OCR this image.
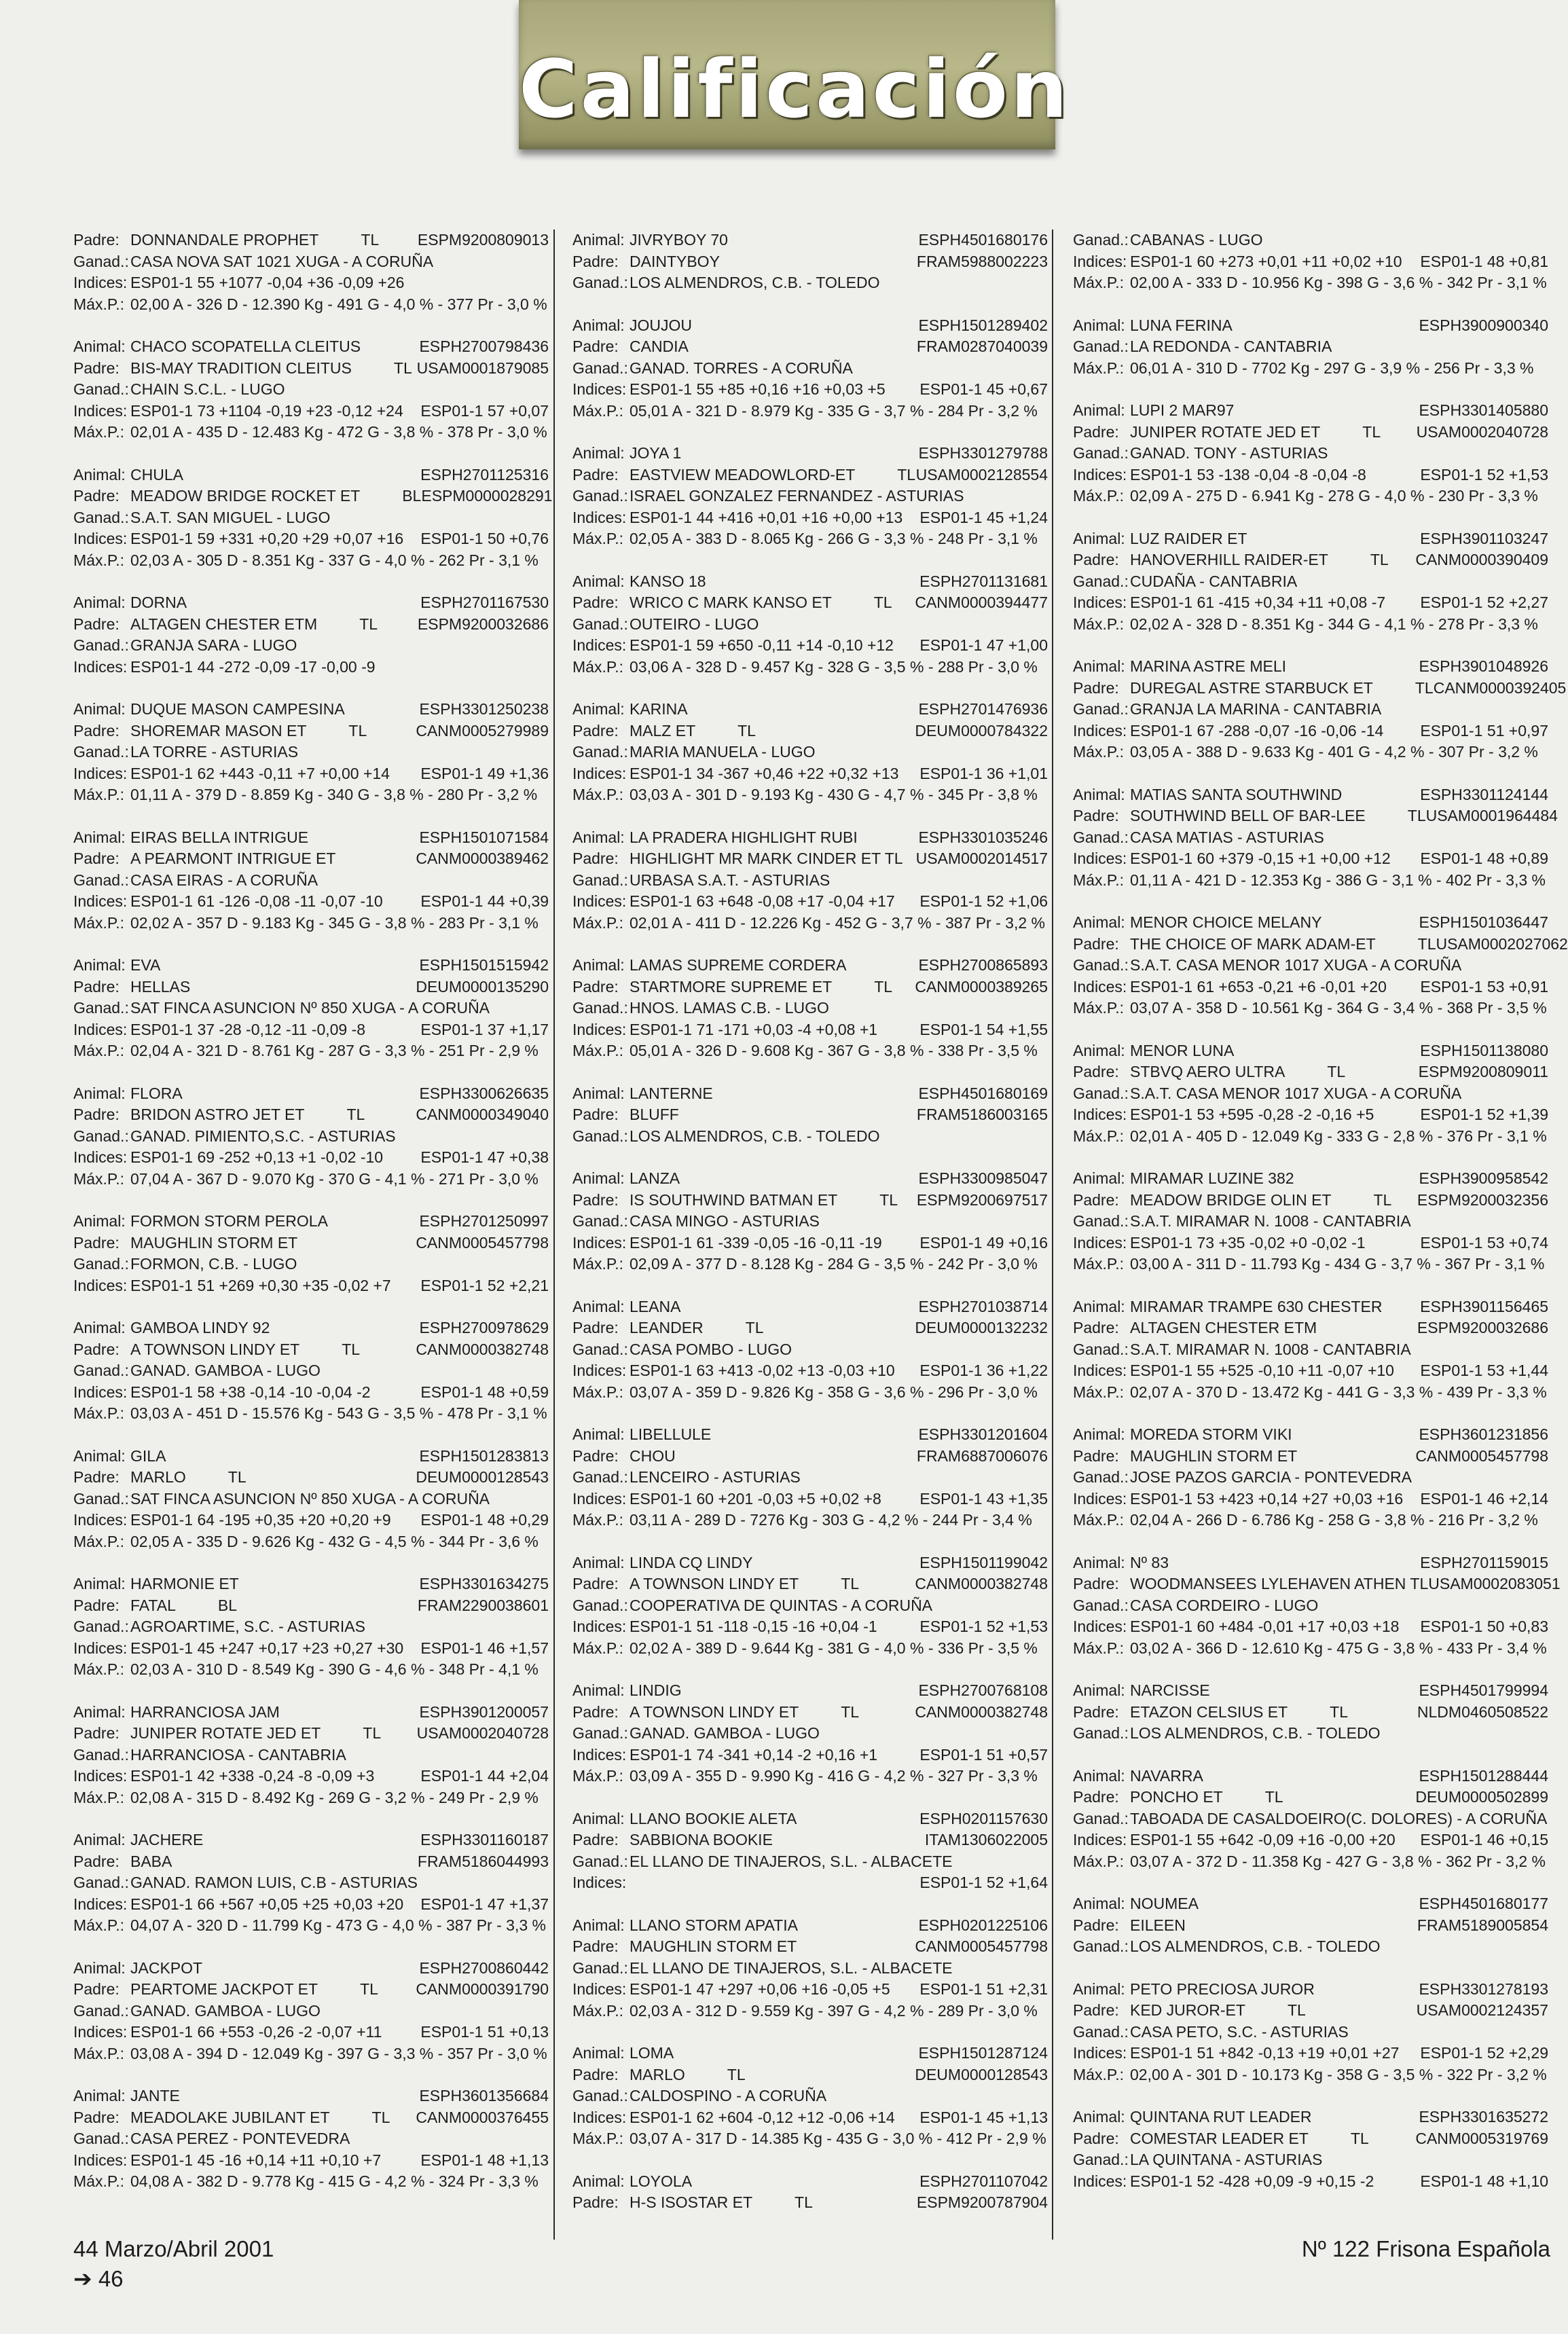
Calificación
Padre: DONNANDALE PROPHET	TL	ESPM9200809013
Ganad.: CASA NOVA SAT 1021 XUGA - A CORUÑA
Indices: ESP01-1 55 +1077 -0,04 +36 -0,09 +26
Máx.P.: 02,00 A - 326 D - 12.390 Kg - 491 G - 4,0 % - 377 Pr - 3,0 %
Animal: CHACO SCOPATELLA CLEITUS	ESPH2700798436
Padre: BIS-MAY TRADITION CLEITUS	TL USAM0001879085
Ganad.: CHAIN S.C.L. - LUGO
Indices: ESP01-1 73 +1104 -0,19 +23 -0,12 +24	ESP01-1 57 +0,07
Máx.P.: 02,01 A - 435 D - 12.483 Kg - 472 G - 3,8 % - 378 Pr - 3,0 %
Animal: CHULA	ESPH2701125316
Padre: MEADOW BRIDGE ROCKET ET	BL ESPM0000028291
Ganad.: S.A.T. SAN MIGUEL - LUGO
Indices: ESP01-1 59 +331 +0,20 +29 +0,07 +16	ESP01-1 50 +0,76
Máx.P.: 02,03 A - 305 D - 8.351 Kg - 337 G - 4,0 % - 262 Pr - 3,1 %
Animal: DORNA	ESPH2701167530
Padre: ALTAGEN CHESTER ETM	TL	ESPM9200032686
Ganad.: GRANJA SARA - LUGO
Indices: ESP01-1 44 -272 -0,09 -17 -0,00 -9
Animal: DUQUE MASON CAMPESINA	ESPH3301250238
Padre: SHOREMAR MASON ET	TL	CANM0005279989
Ganad.: LA TORRE - ASTURIAS
Indices: ESP01-1 62 +443 -0,11 +7 +0,00 +14	ESP01-1 49 +1,36
Máx.P.: 01,11 A - 379 D - 8.859 Kg - 340 G - 3,8 % - 280 Pr - 3,2 %
Animal: EIRAS BELLA INTRIGUE	ESPH1501071584
Padre: A PEARMONT INTRIGUE ET	CANM0000389462
Ganad.: CASA EIRAS - A CORUÑA
Indices: ESP01-1 61 -126 -0,08 -11 -0,07 -10	ESP01-1 44 +0,39
Máx.P.: 02,02 A - 357 D - 9.183 Kg - 345 G - 3,8 % - 283 Pr - 3,1 %
Animal: EVA	ESPH1501515942
Padre: HELLAS	DEUM0000135290
Ganad.: SAT FINCA ASUNCION Nº 850 XUGA - A CORUÑA
Indices: ESP01-1 37 -28 -0,12 -11 -0,09 -8	ESP01-1 37 +1,17
Máx.P.: 02,04 A - 321 D - 8.761 Kg - 287 G - 3,3 % - 251 Pr - 2,9 %
Animal: FLORA	ESPH3300626635
Padre: BRIDON ASTRO JET ET	TL	CANM0000349040
Ganad.: GANAD. PIMIENTO,S.C. - ASTURIAS
Indices: ESP01-1 69 -252 +0,13 +1 -0,02 -10	ESP01-1 47 +0,38
Máx.P.: 07,04 A - 367 D - 9.070 Kg - 370 G - 4,1 % - 271 Pr - 3,0 %
Animal: FORMON STORM PEROLA	ESPH2701250997
Padre: MAUGHLIN STORM ET	CANM0005457798
Ganad.: FORMON, C.B. - LUGO
Indices: ESP01-1 51 +269 +0,30 +35 -0,02 +7	ESP01-1 52 +2,21
Animal: GAMBOA LINDY 92	ESPH2700978629
Padre: A TOWNSON LINDY ET	TL	CANM0000382748
Ganad.: GANAD. GAMBOA - LUGO
Indices: ESP01-1 58 +38 -0,14 -10 -0,04 -2	ESP01-1 48 +0,59
Máx.P.: 03,03 A - 451 D - 15.576 Kg - 543 G - 3,5 % - 478 Pr - 3,1 %
Animal: GILA	ESPH1501283813
Padre: MARLO	TL	DEUM0000128543
Ganad.: SAT FINCA ASUNCION Nº 850 XUGA - A CORUÑA
Indices: ESP01-1 64 -195 +0,35 +20 +0,20 +9	ESP01-1 48 +0,29
Máx.P.: 02,05 A - 335 D - 9.626 Kg - 432 G - 4,5 % - 344 Pr - 3,6 %
Animal: HARMONIE ET	ESPH3301634275
Padre: FATAL	BL	FRAM2290038601
Ganad.: AGROARTIME, S.C. - ASTURIAS
Indices: ESP01-1 45 +247 +0,17 +23 +0,27 +30	ESP01-1 46 +1,57
Máx.P.: 02,03 A - 310 D - 8.549 Kg - 390 G - 4,6 % - 348 Pr - 4,1 %
Animal: HARRANCIOSA JAM	ESPH3901200057
Padre: JUNIPER ROTATE JED ET	TL	USAM0002040728
Ganad.: HARRANCIOSA - CANTABRIA
Indices: ESP01-1 42 +338 -0,24 -8 -0,09 +3	ESP01-1 44 +2,04
Máx.P.: 02,08 A - 315 D - 8.492 Kg - 269 G - 3,2 % - 249 Pr - 2,9 %
Animal: JACHERE	ESPH3301160187
Padre: BABA	FRAM5186044993
Ganad.: GANAD. RAMON LUIS, C.B - ASTURIAS
Indices: ESP01-1 66 +567 +0,05 +25 +0,03 +20	ESP01-1 47 +1,37
Máx.P.: 04,07 A - 320 D - 11.799 Kg - 473 G - 4,0 % - 387 Pr - 3,3 %
Animal: JACKPOT	ESPH2700860442
Padre: PEARTOME JACKPOT ET	TL	CANM0000391790
Ganad.: GANAD. GAMBOA - LUGO
Indices: ESP01-1 66 +553 -0,26 -2 -0,07 +11	ESP01-1 51 +0,13
Máx.P.: 03,08 A - 394 D - 12.049 Kg - 397 G - 3,3 % - 357 Pr - 3,0 %
Animal: JANTE	ESPH3601356684
Padre: MEADOLAKE JUBILANT ET	TL	CANM0000376455
Ganad.: CASA PEREZ - PONTEVEDRA
Indices: ESP01-1 45 -16 +0,14 +11 +0,10 +7	ESP01-1 48 +1,13
Máx.P.: 04,08 A - 382 D - 9.778 Kg - 415 G - 4,2 % - 324 Pr - 3,3 %
Animal: JIVRYBOY 70	ESPH4501680176
Padre: DAINTYBOY	FRAM5988002223
Ganad.: LOS ALMENDROS, C.B. - TOLEDO
Animal: JOUJOU	ESPH1501289402
Padre: CANDIA	FRAM0287040039
Ganad.: GANAD. TORRES - A CORUÑA
Indices: ESP01-1 55 +85 +0,16 +16 +0,03 +5	ESP01-1 45 +0,67
Máx.P.: 05,01 A - 321 D - 8.979 Kg - 335 G - 3,7 % - 284 Pr - 3,2 %
Animal: JOYA 1	ESPH3301279788
Padre: EASTVIEW MEADOWLORD-ET	TL USAM0002128554
Ganad.: ISRAEL GONZALEZ FERNANDEZ - ASTURIAS
Indices: ESP01-1 44 +416 +0,01 +16 +0,00 +13	ESP01-1 45 +1,24
Máx.P.: 02,05 A - 383 D - 8.065 Kg - 266 G - 3,3 % - 248 Pr - 3,1 %
Animal: KANSO 18	ESPH2701131681
Padre: WRICO C MARK KANSO ET	TL	CANM0000394477
Ganad.: OUTEIRO - LUGO
Indices: ESP01-1 59 +650 -0,11 +14 -0,10 +12	ESP01-1 47 +1,00
Máx.P.: 03,06 A - 328 D - 9.457 Kg - 328 G - 3,5 % - 288 Pr - 3,0 %
Animal: KARINA	ESPH2701476936
Padre: MALZ ET	TL	DEUM0000784322
Ganad.: MARIA MANUELA - LUGO
Indices: ESP01-1 34 -367 +0,46 +22 +0,32 +13	ESP01-1 36 +1,01
Máx.P.: 03,03 A - 301 D - 9.193 Kg - 430 G - 4,7 % - 345 Pr - 3,8 %
Animal: LA PRADERA HIGHLIGHT RUBI	ESPH3301035246
Padre: HIGHLIGHT MR MARK CINDER ET TL USAM0002014517
Ganad.: URBASA S.A.T. - ASTURIAS
Indices: ESP01-1 63 +648 -0,08 +17 -0,04 +17	ESP01-1 52 +1,06
Máx.P.: 02,01 A - 411 D - 12.226 Kg - 452 G - 3,7 % - 387 Pr - 3,2 %
Animal: LAMAS SUPREME CORDERA	ESPH2700865893
Padre: STARTMORE SUPREME ET	TL	CANM0000389265
Ganad.: HNOS. LAMAS C.B. - LUGO
Indices: ESP01-1 71 -171 +0,03 -4 +0,08 +1	ESP01-1 54 +1,55
Máx.P.: 05,01 A - 326 D - 9.608 Kg - 367 G - 3,8 % - 338 Pr - 3,5 %
Animal: LANTERNE	ESPH4501680169
Padre: BLUFF	FRAM5186003165
Ganad.: LOS ALMENDROS, C.B. - TOLEDO
Animal: LANZA	ESPH3300985047
Padre: IS SOUTHWIND BATMAN ET	TL	ESPM9200697517
Ganad.: CASA MINGO - ASTURIAS
Indices: ESP01-1 61 -339 -0,05 -16 -0,11 -19	ESP01-1 49 +0,16
Máx.P.: 02,09 A - 377 D - 8.128 Kg - 284 G - 3,5 % - 242 Pr - 3,0 %
Animal: LEANA	ESPH2701038714
Padre: LEANDER	TL	DEUM0000132232
Ganad.: CASA POMBO - LUGO
Indices: ESP01-1 63 +413 -0,02 +13 -0,03 +10	ESP01-1 36 +1,22
Máx.P.: 03,07 A - 359 D - 9.826 Kg - 358 G - 3,6 % - 296 Pr - 3,0 %
Animal: LIBELLULE	ESPH3301201604
Padre: CHOU	FRAM6887006076
Ganad.: LENCEIRO - ASTURIAS
Indices: ESP01-1 60 +201 -0,03 +5 +0,02 +8	ESP01-1 43 +1,35
Máx.P.: 03,11 A - 289 D - 7276 Kg - 303 G - 4,2 % - 244 Pr - 3,4 %
Animal: LINDA CQ LINDY	ESPH1501199042
Padre: A TOWNSON LINDY ET	TL	CANM0000382748
Ganad.: COOPERATIVA DE QUINTAS - A CORUÑA
Indices: ESP01-1 51 -118 -0,15 -16 +0,04 -1	ESP01-1 52 +1,53
Máx.P.: 02,02 A - 389 D - 9.644 Kg - 381 G - 4,0 % - 336 Pr - 3,5 %
Animal: LINDIG	ESPH2700768108
Padre: A TOWNSON LINDY ET	TL	CANM0000382748
Ganad.: GANAD. GAMBOA - LUGO
Indices: ESP01-1 74 -341 +0,14 -2 +0,16 +1	ESP01-1 51 +0,57
Máx.P.: 03,09 A - 355 D - 9.990 Kg - 416 G - 4,2 % - 327 Pr - 3,3 %
Animal: LLANO BOOKIE ALETA	ESPH0201157630
Padre: SABBIONA BOOKIE	ITAM1306022005
Ganad.: EL LLANO DE TINAJEROS, S.L. - ALBACETE
Indices:	ESP01-1 52 +1,64
Animal: LLANO STORM APATIA	ESPH0201225106
Padre: MAUGHLIN STORM ET	CANM0005457798
Ganad.: EL LLANO DE TINAJEROS, S.L. - ALBACETE
Indices: ESP01-1 47 +297 +0,06 +16 -0,05 +5	ESP01-1 51 +2,31
Máx.P.: 02,03 A - 312 D - 9.559 Kg - 397 G - 4,2 % - 289 Pr - 3,0 %
Animal: LOMA	ESPH1501287124
Padre: MARLO	TL	DEUM0000128543
Ganad.: CALDOSPINO - A CORUÑA
Indices: ESP01-1 62 +604 -0,12 +12 -0,06 +14	ESP01-1 45 +1,13
Máx.P.: 03,07 A - 317 D - 14.385 Kg - 435 G - 3,0 % - 412 Pr - 2,9 %
Animal: LOYOLA	ESPH2701107042
Padre: H-S ISOSTAR ET	TL	ESPM9200787904
Ganad.: CABANAS - LUGO
Indices: ESP01-1 60 +273 +0,01 +11 +0,02 +10	ESP01-1 48 +0,81
Máx.P.: 02,00 A - 333 D - 10.956 Kg - 398 G - 3,6 % - 342 Pr - 3,1 %
Animal: LUNA FERINA	ESPH3900900340
Ganad.: LA REDONDA - CANTABRIA
Máx.P.: 06,01 A - 310 D - 7702 Kg - 297 G - 3,9 % - 256 Pr - 3,3 %
Animal: LUPI 2 MAR97	ESPH3301405880
Padre: JUNIPER ROTATE JED ET	TL	USAM0002040728
Ganad.: GANAD. TONY - ASTURIAS
Indices: ESP01-1 53 -138 -0,04 -8 -0,04 -8	ESP01-1 52 +1,53
Máx.P.: 02,09 A - 275 D - 6.941 Kg - 278 G - 4,0 % - 230 Pr - 3,3 %
Animal: LUZ RAIDER ET	ESPH3901103247
Padre: HANOVERHILL RAIDER-ET	TL	CANM0000390409
Ganad.: CUDAÑA - CANTABRIA
Indices: ESP01-1 61 -415 +0,34 +11 +0,08 -7	ESP01-1 52 +2,27
Máx.P.: 02,02 A - 328 D - 8.351 Kg - 344 G - 4,1 % - 278 Pr - 3,3 %
Animal: MARINA ASTRE MELI	ESPH3901048926
Padre: DUREGAL ASTRE STARBUCK ET	TL CANM0000392405
Ganad.: GRANJA LA MARINA - CANTABRIA
Indices: ESP01-1 67 -288 -0,07 -16 -0,06 -14	ESP01-1 51 +0,97
Máx.P.: 03,05 A - 388 D - 9.633 Kg - 401 G - 4,2 % - 307 Pr - 3,2 %
Animal: MATIAS SANTA SOUTHWIND	ESPH3301124144
Padre: SOUTHWIND BELL OF BAR-LEE	TL USAM0001964484
Ganad.: CASA MATIAS - ASTURIAS
Indices: ESP01-1 60 +379 -0,15 +1 +0,00 +12	ESP01-1 48 +0,89
Máx.P.: 01,11 A - 421 D - 12.353 Kg - 386 G - 3,1 % - 402 Pr - 3,3 %
Animal: MENOR CHOICE MELANY	ESPH1501036447
Padre: THE CHOICE OF MARK ADAM-ET	TL USAM0002027062
Ganad.: S.A.T. CASA MENOR 1017 XUGA - A CORUÑA
Indices: ESP01-1 61 +653 -0,21 +6 -0,01 +20	ESP01-1 53 +0,91
Máx.P.: 03,07 A - 358 D - 10.561 Kg - 364 G - 3,4 % - 368 Pr - 3,5 %
Animal: MENOR LUNA	ESPH1501138080
Padre: STBVQ AERO ULTRA	TL	ESPM9200809011
Ganad.: S.A.T. CASA MENOR 1017 XUGA - A CORUÑA
Indices: ESP01-1 53 +595 -0,28 -2 -0,16 +5	ESP01-1 52 +1,39
Máx.P.: 02,01 A - 405 D - 12.049 Kg - 333 G - 2,8 % - 376 Pr - 3,1 %
Animal: MIRAMAR LUZINE 382	ESPH3900958542
Padre: MEADOW BRIDGE OLIN ET	TL	ESPM9200032356
Ganad.: S.A.T. MIRAMAR N. 1008 - CANTABRIA
Indices: ESP01-1 73 +35 -0,02 +0 -0,02 -1	ESP01-1 53 +0,74
Máx.P.: 03,00 A - 311 D - 11.793 Kg - 434 G - 3,7 % - 367 Pr - 3,1 %
Animal: MIRAMAR TRAMPE 630 CHESTER	ESPH3901156465
Padre: ALTAGEN CHESTER ETM	ESPM9200032686
Ganad.: S.A.T. MIRAMAR N. 1008 - CANTABRIA
Indices: ESP01-1 55 +525 -0,10 +11 -0,07 +10	ESP01-1 53 +1,44
Máx.P.: 02,07 A - 370 D - 13.472 Kg - 441 G - 3,3 % - 439 Pr - 3,3 %
Animal: MOREDA STORM VIKI	ESPH3601231856
Padre: MAUGHLIN STORM ET	CANM0005457798
Ganad.: JOSE PAZOS GARCIA - PONTEVEDRA
Indices: ESP01-1 53 +423 +0,14 +27 +0,03 +16	ESP01-1 46 +2,14
Máx.P.: 02,04 A - 266 D - 6.786 Kg - 258 G - 3,8 % - 216 Pr - 3,2 %
Animal: Nº 83	ESPH2701159015
Padre: WOODMANSEES LYLEHAVEN ATHEN TL USAM0002083051
Ganad.: CASA CORDEIRO - LUGO
Indices: ESP01-1 60 +484 -0,01 +17 +0,03 +18	ESP01-1 50 +0,83
Máx.P.: 03,02 A - 366 D - 12.610 Kg - 475 G - 3,8 % - 433 Pr - 3,4 %
Animal: NARCISSE	ESPH4501799994
Padre: ETAZON CELSIUS ET	TL	NLDM0460508522
Ganad.: LOS ALMENDROS, C.B. - TOLEDO
Animal: NAVARRA	ESPH1501288444
Padre: PONCHO ET	TL	DEUM0000502899
Ganad.: TABOADA DE CASALDOEIRO(C. DOLORES) - A CORUÑA
Indices: ESP01-1 55 +642 -0,09 +16 -0,00 +20	ESP01-1 46 +0,15
Máx.P.: 03,07 A - 372 D - 11.358 Kg - 427 G - 3,8 % - 362 Pr - 3,2 %
Animal: NOUMEA	ESPH4501680177
Padre: EILEEN	FRAM5189005854
Ganad.: LOS ALMENDROS, C.B. - TOLEDO
Animal: PETO PRECIOSA JUROR	ESPH3301278193
Padre: KED JUROR-ET	TL	USAM0002124357
Ganad.: CASA PETO, S.C. - ASTURIAS
Indices: ESP01-1 51 +842 -0,13 +19 +0,01 +27	ESP01-1 52 +2,29
Máx.P.: 02,00 A - 301 D - 10.173 Kg - 358 G - 3,5 % - 322 Pr - 3,2 %
Animal: QUINTANA RUT LEADER	ESPH3301635272
Padre: COMESTAR LEADER ET	TL	CANM0005319769
Ganad.: LA QUINTANA - ASTURIAS
Indices: ESP01-1 52 -428 +0,09 -9 +0,15 -2	ESP01-1 48 +1,10
44 Marzo/Abril 2001
➔ 46
Nº 122 Frisona Española
